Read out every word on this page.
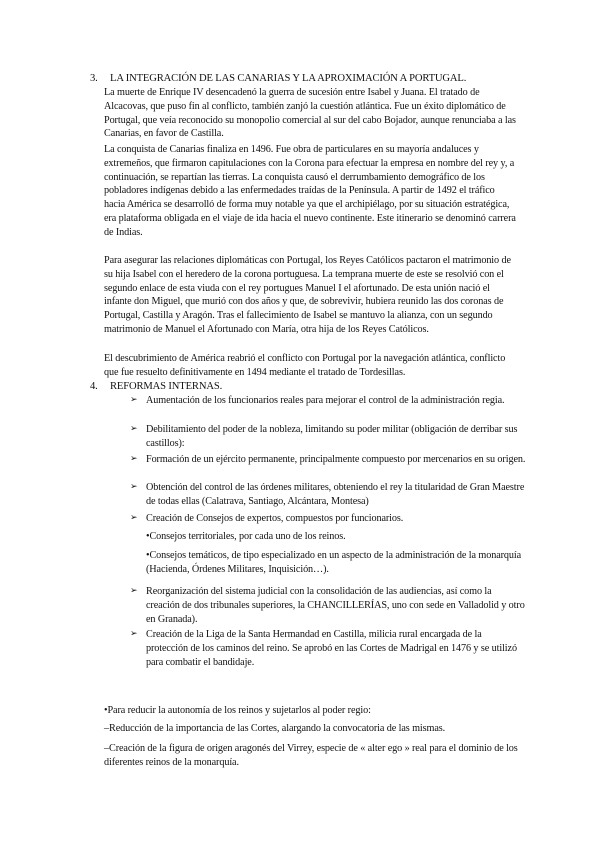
3. LA INTEGRACIÓN DE LAS CANARIAS Y LA APROXIMACIÓN A PORTUGAL.
La muerte de Enrique IV desencadenó la guerra de sucesión entre Isabel y Juana. El tratado de Alcacovas, que puso fin al conflicto, también zanjó la cuestión atlántica. Fue un éxito diplomático de Portugal, que veía reconocido su monopolio comercial al sur del cabo Bojador, aunque renunciaba a las Canarias, en favor de Castilla.
La conquista de Canarias finaliza en 1496. Fue obra de particulares en su mayoría andaluces y extremeños, que firmaron capitulaciones con la Corona para efectuar la empresa en nombre del rey y, a continuación, se repartían las tierras. La conquista causó el derrumbamiento demográfico de los pobladores indígenas debido a las enfermedades traídas de la Península. A partir de 1492 el tráfico hacia América se desarrolló de forma muy notable ya que el archipiélago, por su situación estratégica, era plataforma obligada en el viaje de ida hacia el nuevo continente. Este itinerario se denominó carrera de Indias.
Para asegurar las relaciones diplomáticas con Portugal, los Reyes Católicos pactaron el matrimonio de su hija Isabel con el heredero de la corona portuguesa. La temprana muerte de este se resolvió con el segundo enlace de esta viuda con el rey portugues Manuel I el afortunado. De esta unión nació el infante don Miguel, que murió con dos años y que, de sobrevivir, hubiera reunido las dos coronas de Portugal, Castilla y Aragón. Tras el fallecimiento de Isabel se mantuvo la alianza, con un segundo matrimonio de Manuel el Afortunado con María, otra hija de los Reyes Católicos.
El descubrimiento de América reabrió el conflicto con Portugal por la navegación atlántica, conflicto que fue resuelto definitivamente en 1494 mediante el tratado de Tordesillas.
4. REFORMAS INTERNAS.
➢ Aumentación de los funcionarios reales para mejorar el control de la administración regia.
➢ Debilitamiento del poder de la nobleza, limitando su poder militar (obligación de derribar sus castillos):
➢ Formación de un ejército permanente, principalmente compuesto por mercenarios en su origen.
➢ Obtención del control de las órdenes militares, obteniendo el rey la titularidad de Gran Maestre de todas ellas (Calatrava, Santiago, Alcántara, Montesa)
➢ Creación de Consejos de expertos, compuestos por funcionarios.
•Consejos territoriales, por cada uno de los reinos.
•Consejos temáticos, de tipo especializado en un aspecto de la administración de la monarquía (Hacienda, Órdenes Militares, Inquisición…).
➢ Reorganización del sistema judicial con la consolidación de las audiencias, así como la creación de dos tribunales superiores, la CHANCILLERÍAS, uno con sede en Valladolid y otro en Granada).
➢ Creación de la Liga de la Santa Hermandad en Castilla, milicia rural encargada de la protección de los caminos del reino. Se aprobó en las Cortes de Madrigal en 1476 y se utilizó para combatir el bandidaje.
•Para reducir la autonomía de los reinos y sujetarlos al poder regio:
–Reducción de la importancia de las Cortes, alargando la convocatoria de las mismas.
–Creación de la figura de origen aragonés del Virrey, especie de « alter ego » real para el dominio de los diferentes reinos de la monarquía.
